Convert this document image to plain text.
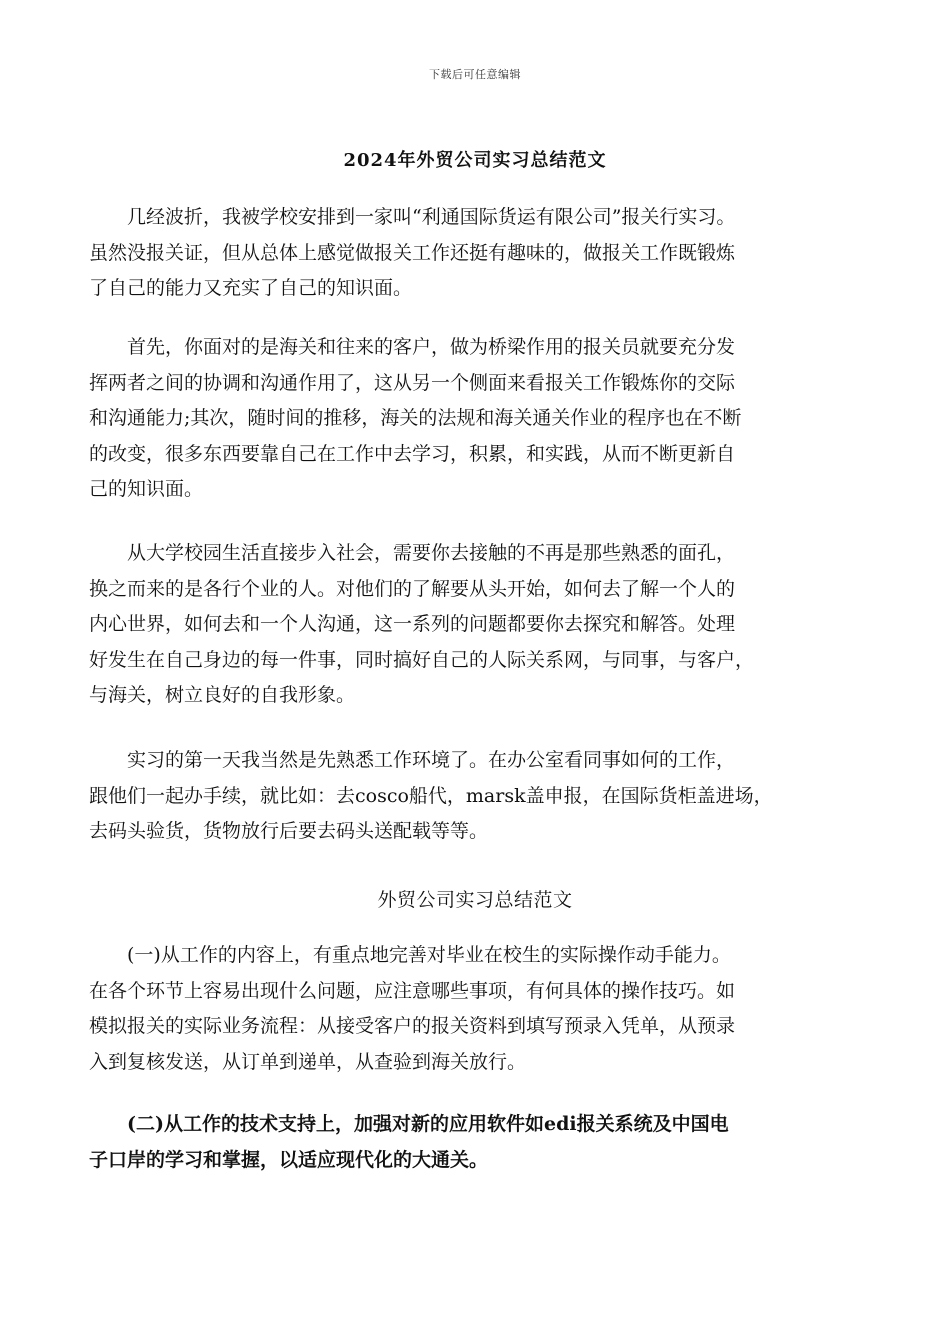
下载后可任意编辑
2024年外贸公司实习总结范文

　　几经波折，我被学校安排到一家叫“利通国际货运有限公司”报关行实习。
虽然没报关证，但从总体上感觉做报关工作还挺有趣味的，做报关工作既锻炼
了自己的能力又充实了自己的知识面。

　　首先，你面对的是海关和往来的客户，做为桥梁作用的报关员就要充分发
挥两者之间的协调和沟通作用了，这从另一个侧面来看报关工作锻炼你的交际
和沟通能力;其次，随时间的推移，海关的法规和海关通关作业的程序也在不断
的改变，很多东西要靠自己在工作中去学习，积累，和实践，从而不断更新自
己的知识面。

　　从大学校园生活直接步入社会，需要你去接触的不再是那些熟悉的面孔，
换之而来的是各行个业的人。对他们的了解要从头开始，如何去了解一个人的
内心世界，如何去和一个人沟通，这一系列的问题都要你去探究和解答。处理
好发生在自己身边的每一件事，同时搞好自己的人际关系网，与同事，与客户，
与海关，树立良好的自我形象。

　　实习的第一天我当然是先熟悉工作环境了。在办公室看同事如何的工作，
跟他们一起办手续，就比如：去cosco船代，marsk盖申报，在国际货柜盖进场，
去码头验货，货物放行后要去码头送配载等等。

外贸公司实习总结范文

　　(一)从工作的内容上，有重点地完善对毕业在校生的实际操作动手能力。
在各个环节上容易出现什么问题，应注意哪些事项，有何具体的操作技巧。如
模拟报关的实际业务流程：从接受客户的报关资料到填写预录入凭单，从预录
入到复核发送，从订单到递单，从查验到海关放行。

　　(二)从工作的技术支持上，加强对新的应用软件如edi报关系统及中国电
子口岸的学习和掌握，以适应现代化的大通关。
